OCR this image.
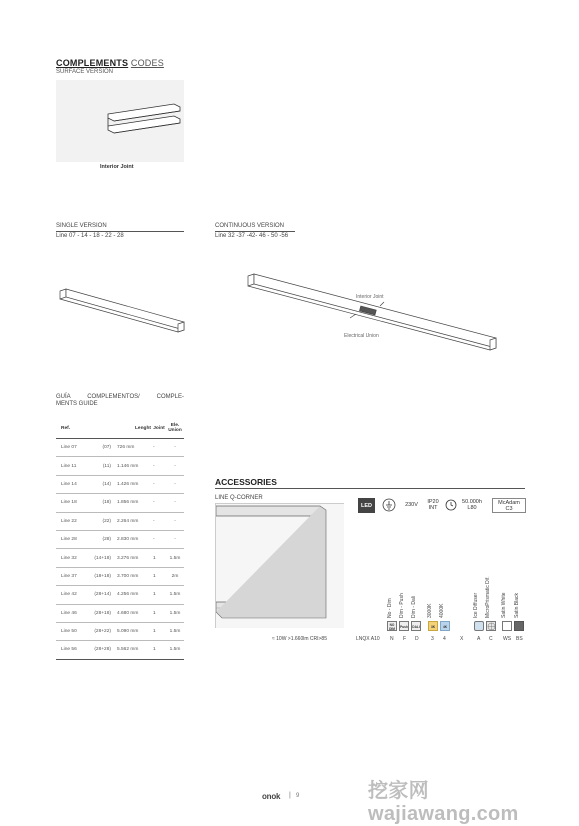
COMPLEMENTS CODES
SURFACE VERSION
Interior Joint
SINGLE VERSION
Line 07 - 14 - 18 - 22 - 28
CONTINUOUS VERSION
Line 32 -37 -42- 46 - 50 -56
Interior Joint
Electrical Union
GUÍA COMPLEMENTOS/ COMPLE-
MENTS GUIDE
Ref.		Lenght	Joint	Ele.
Union
Line 07	(07)	726 mm	-	-
Line 11	(11)	1.146 mm	-	-
Line 14	(14)	1.426 mm	-	-
Line 18	(18)	1.856 mm	-	-
Line 22	(22)	2.264 mm	-	-
Line 28	(28)	2.830 mm	-	-
Line 32	(14+18)	3.276 mm	1	1.5m
Line 37	(18+18)	3.700 mm	1	2m
Line 42	(28+14)	4.256 mm	1	1.5m
Line 46	(28+18)	4.680 mm	1	1.5m
Line 50	(28+22)	5.090 mm	1	1.5m
Line 56	(28+28)	5.562 mm	1	1.5m
ACCESSORIES
LINE Q-CORNER
LED	230V	IP20
INT
50.000h
L80
McAdam
C3
No - Dim Dim - Push Dim - Dali 3000K 4000K	Ice Diffuser MicroPrismatic Dif. Satin White Satin Black
NO
DIM	Push	DALI	3K	4K
≈ 10W >1.660lm CRI>85	LNQX A10 N F D 3 4	X	A C WS BS
onok | 9	挖家网 wajiawang.com
